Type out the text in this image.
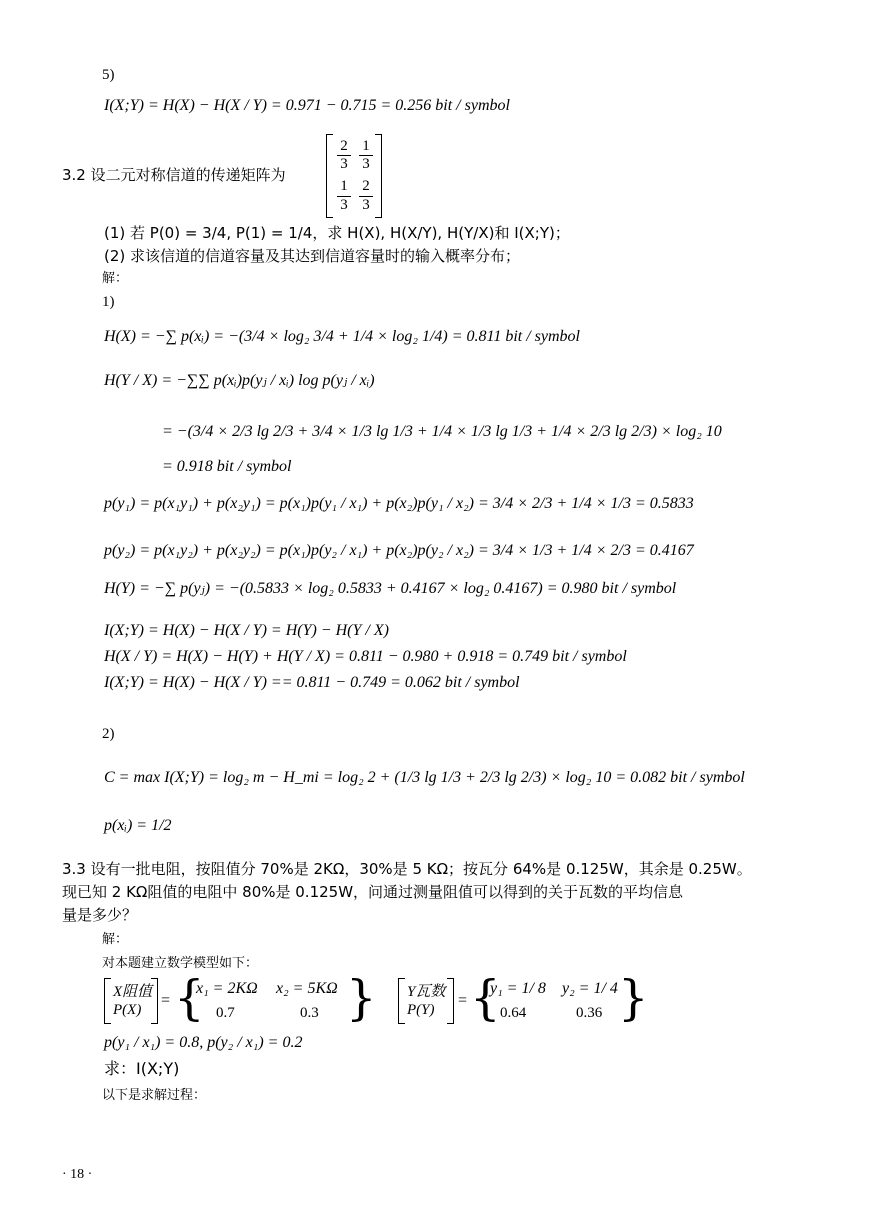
5)
I(X;Y) = H(X) − H(X / Y) = 0.971 − 0.715 = 0.256 bit / symbol
3.2 设二元对称信道的传递矩阵为
2
3
1
3
1
3
2
3
(1) 若 P(0) = 3/4, P(1) = 1/4，求 H(X), H(X/Y), H(Y/X)和 I(X;Y)；
(2) 求该信道的信道容量及其达到信道容量时的输入概率分布；
解：
1)
H(X) = −∑ p(xᵢ) = −(3/4 × log₂ 3/4 + 1/4 × log₂ 1/4) = 0.811 bit / symbol
H(Y / X) = −∑∑ p(xᵢ)p(yⱼ / xᵢ) log p(yⱼ / xᵢ)
= −(3/4 × 2/3 lg 2/3 + 3/4 × 1/3 lg 1/3 + 1/4 × 1/3 lg 1/3 + 1/4 × 2/3 lg 2/3) × log₂ 10
= 0.918 bit / symbol
p(y₁) = p(x₁y₁) + p(x₂y₁) = p(x₁)p(y₁ / x₁) + p(x₂)p(y₁ / x₂) = 3/4 × 2/3 + 1/4 × 1/3 = 0.5833
p(y₂) = p(x₁y₂) + p(x₂y₂) = p(x₁)p(y₂ / x₁) + p(x₂)p(y₂ / x₂) = 3/4 × 1/3 + 1/4 × 2/3 = 0.4167
H(Y) = −∑ p(yⱼ) = −(0.5833 × log₂ 0.5833 + 0.4167 × log₂ 0.4167) = 0.980 bit / symbol
I(X;Y) = H(X) − H(X / Y) = H(Y) − H(Y / X)
H(X / Y) = H(X) − H(Y) + H(Y / X) = 0.811 − 0.980 + 0.918 = 0.749 bit / symbol
I(X;Y) = H(X) − H(X / Y) == 0.811 − 0.749 = 0.062 bit / symbol
2)
C = max I(X;Y) = log₂ m − H_mi = log₂ 2 + (1/3 lg 1/3 + 2/3 lg 2/3) × log₂ 10 = 0.082 bit / symbol
p(xᵢ) = 1/2
3.3 设有一批电阻，按阻值分 70%是 2KΩ，30%是 5 KΩ；按瓦分 64%是 0.125W，其余是 0.25W。
现已知 2 KΩ阻值的电阻中 80%是 0.125W，问通过测量阻值可以得到的关于瓦数的平均信息
量是多少？
解：
对本题建立数学模型如下：
X阻值
P(X)
= {
x₁ = 2KΩ x₂ = 5KΩ
0.7	0.3 } Y瓦数
P(Y)
= {
y₁ = 1/ 8 y₂ = 1/ 4
0.64	0.36 }
p(y₁ / x₁) = 0.8, p(y₂ / x₁) = 0.2
求：I(X;Y)
以下是求解过程：
· 18 ·
